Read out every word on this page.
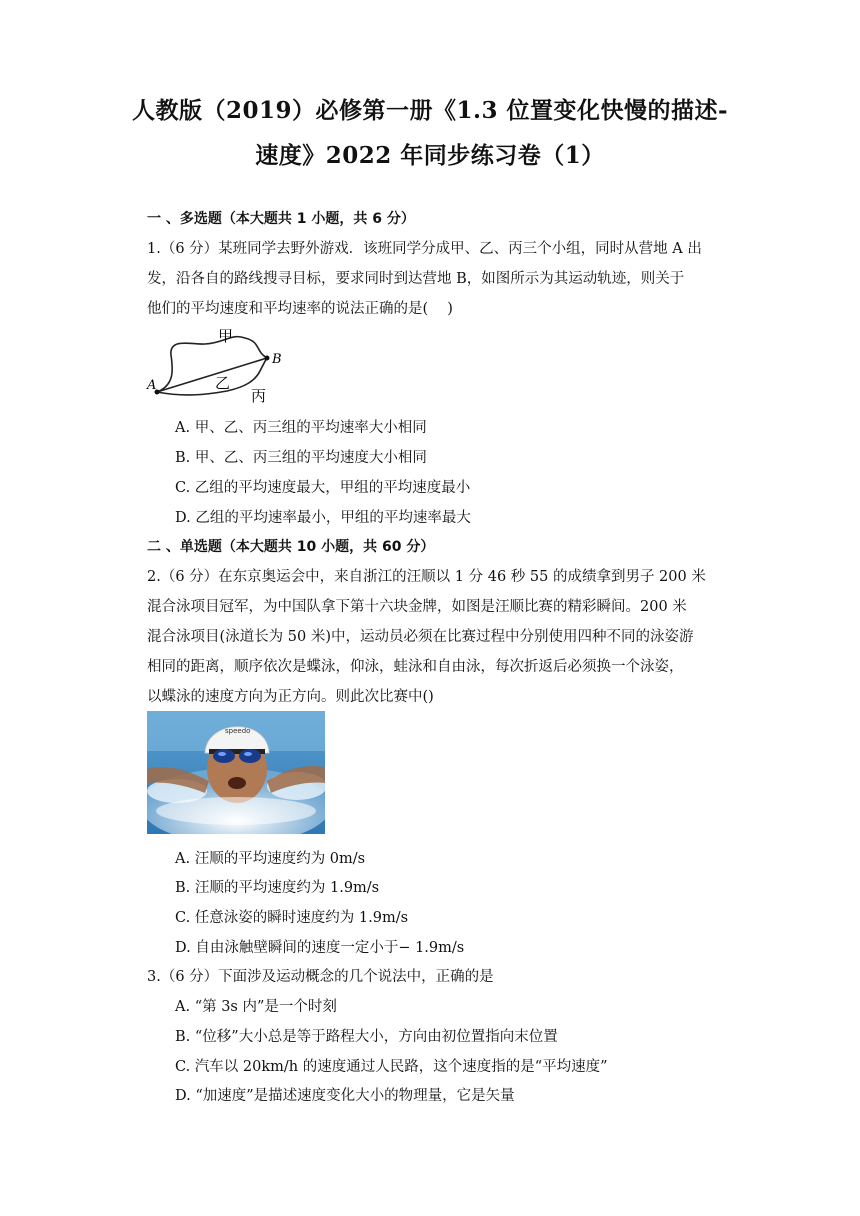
人教版（2019）必修第一册《1.3 位置变化快慢的描述-
速度》2022 年同步练习卷（1）
一 、多选题（本大题共 1 小题，共 6 分）
1.（6 分）某班同学去野外游戏．该班同学分成甲、乙、丙三个小组，同时从营地 A 出
发，沿各自的路线搜寻目标，要求同时到达营地 B，如图所示为其运动轨迹，则关于
他们的平均速度和平均速率的说法正确的是(　 )
甲
乙
丙
A
B
A. 甲、乙、丙三组的平均速率大小相同
B. 甲、乙、丙三组的平均速度大小相同
C. 乙组的平均速度最大，甲组的平均速度最小
D. 乙组的平均速率最小，甲组的平均速率最大
二 、单选题（本大题共 10 小题，共 60 分）
2.（6 分）在东京奥运会中，来自浙江的汪顺以 1 分 46 秒 55 的成绩拿到男子 200 米
混合泳项目冠军，为中国队拿下第十六块金牌，如图是汪顺比赛的精彩瞬间。200 米
混合泳项目(泳道长为 50 米)中，运动员必须在比赛过程中分别使用四种不同的泳姿游
相同的距离，顺序依次是蝶泳，仰泳，蛙泳和自由泳，每次折返后必须换一个泳姿，
以蝶泳的速度方向为正方向。则此次比赛中()
speedo
A. 汪顺的平均速度约为 0m/s
B. 汪顺的平均速度约为 1.9m/s
C. 任意泳姿的瞬时速度约为 1.9m/s
D. 自由泳触壁瞬间的速度一定小于− 1.9m/s
3.（6 分）下面涉及运动概念的几个说法中，正确的是
A. “第 3s 内”是一个时刻
B. “位移”大小总是等于路程大小，方向由初位置指向末位置
C. 汽车以 20km/h 的速度通过人民路，这个速度指的是“平均速度”
D. “加速度”是描述速度变化大小的物理量，它是矢量
